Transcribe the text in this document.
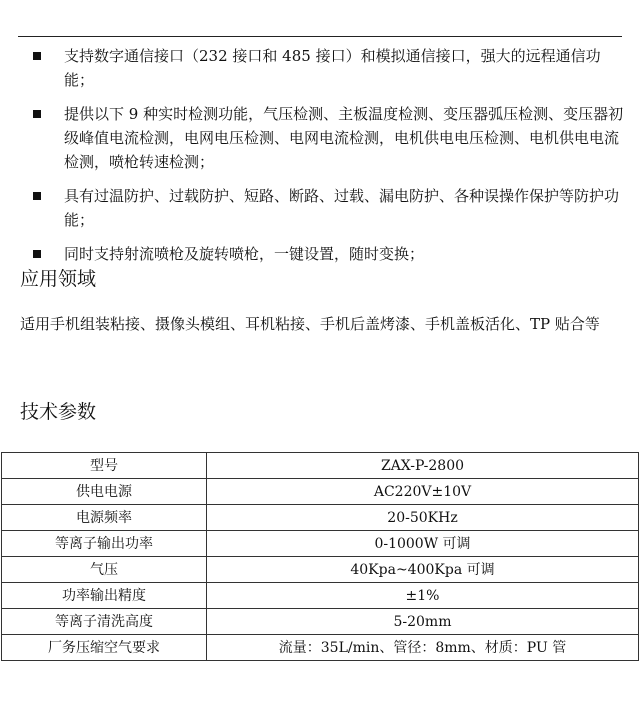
支持数字通信接口（232 接口和 485 接口）和模拟通信接口，强大的远程通信功能；
提供以下 9 种实时检测功能，气压检测、主板温度检测、变压器弧压检测、变压器初级峰值电流检测，电网电压检测、电网电流检测，电机供电电压检测、电机供电电流检测，喷枪转速检测；
具有过温防护、过载防护、短路、断路、过载、漏电防护、各种误操作保护等防护功能；
同时支持射流喷枪及旋转喷枪，一键设置，随时变换；
应用领域
适用手机组装粘接、摄像头模组、耳机粘接、手机后盖烤漆、手机盖板活化、TP 贴合等
技术参数
型号	ZAX-P-2800
供电电源	AC220V±10V
电源频率	20-50KHz
等离子输出功率	0-1000W 可调
气压	40Kpa~400Kpa 可调
功率输出精度	±1%
等离子清洗高度	5-20mm
厂务压缩空气要求	流量：35L/min、管径：8mm、材质：PU 管
